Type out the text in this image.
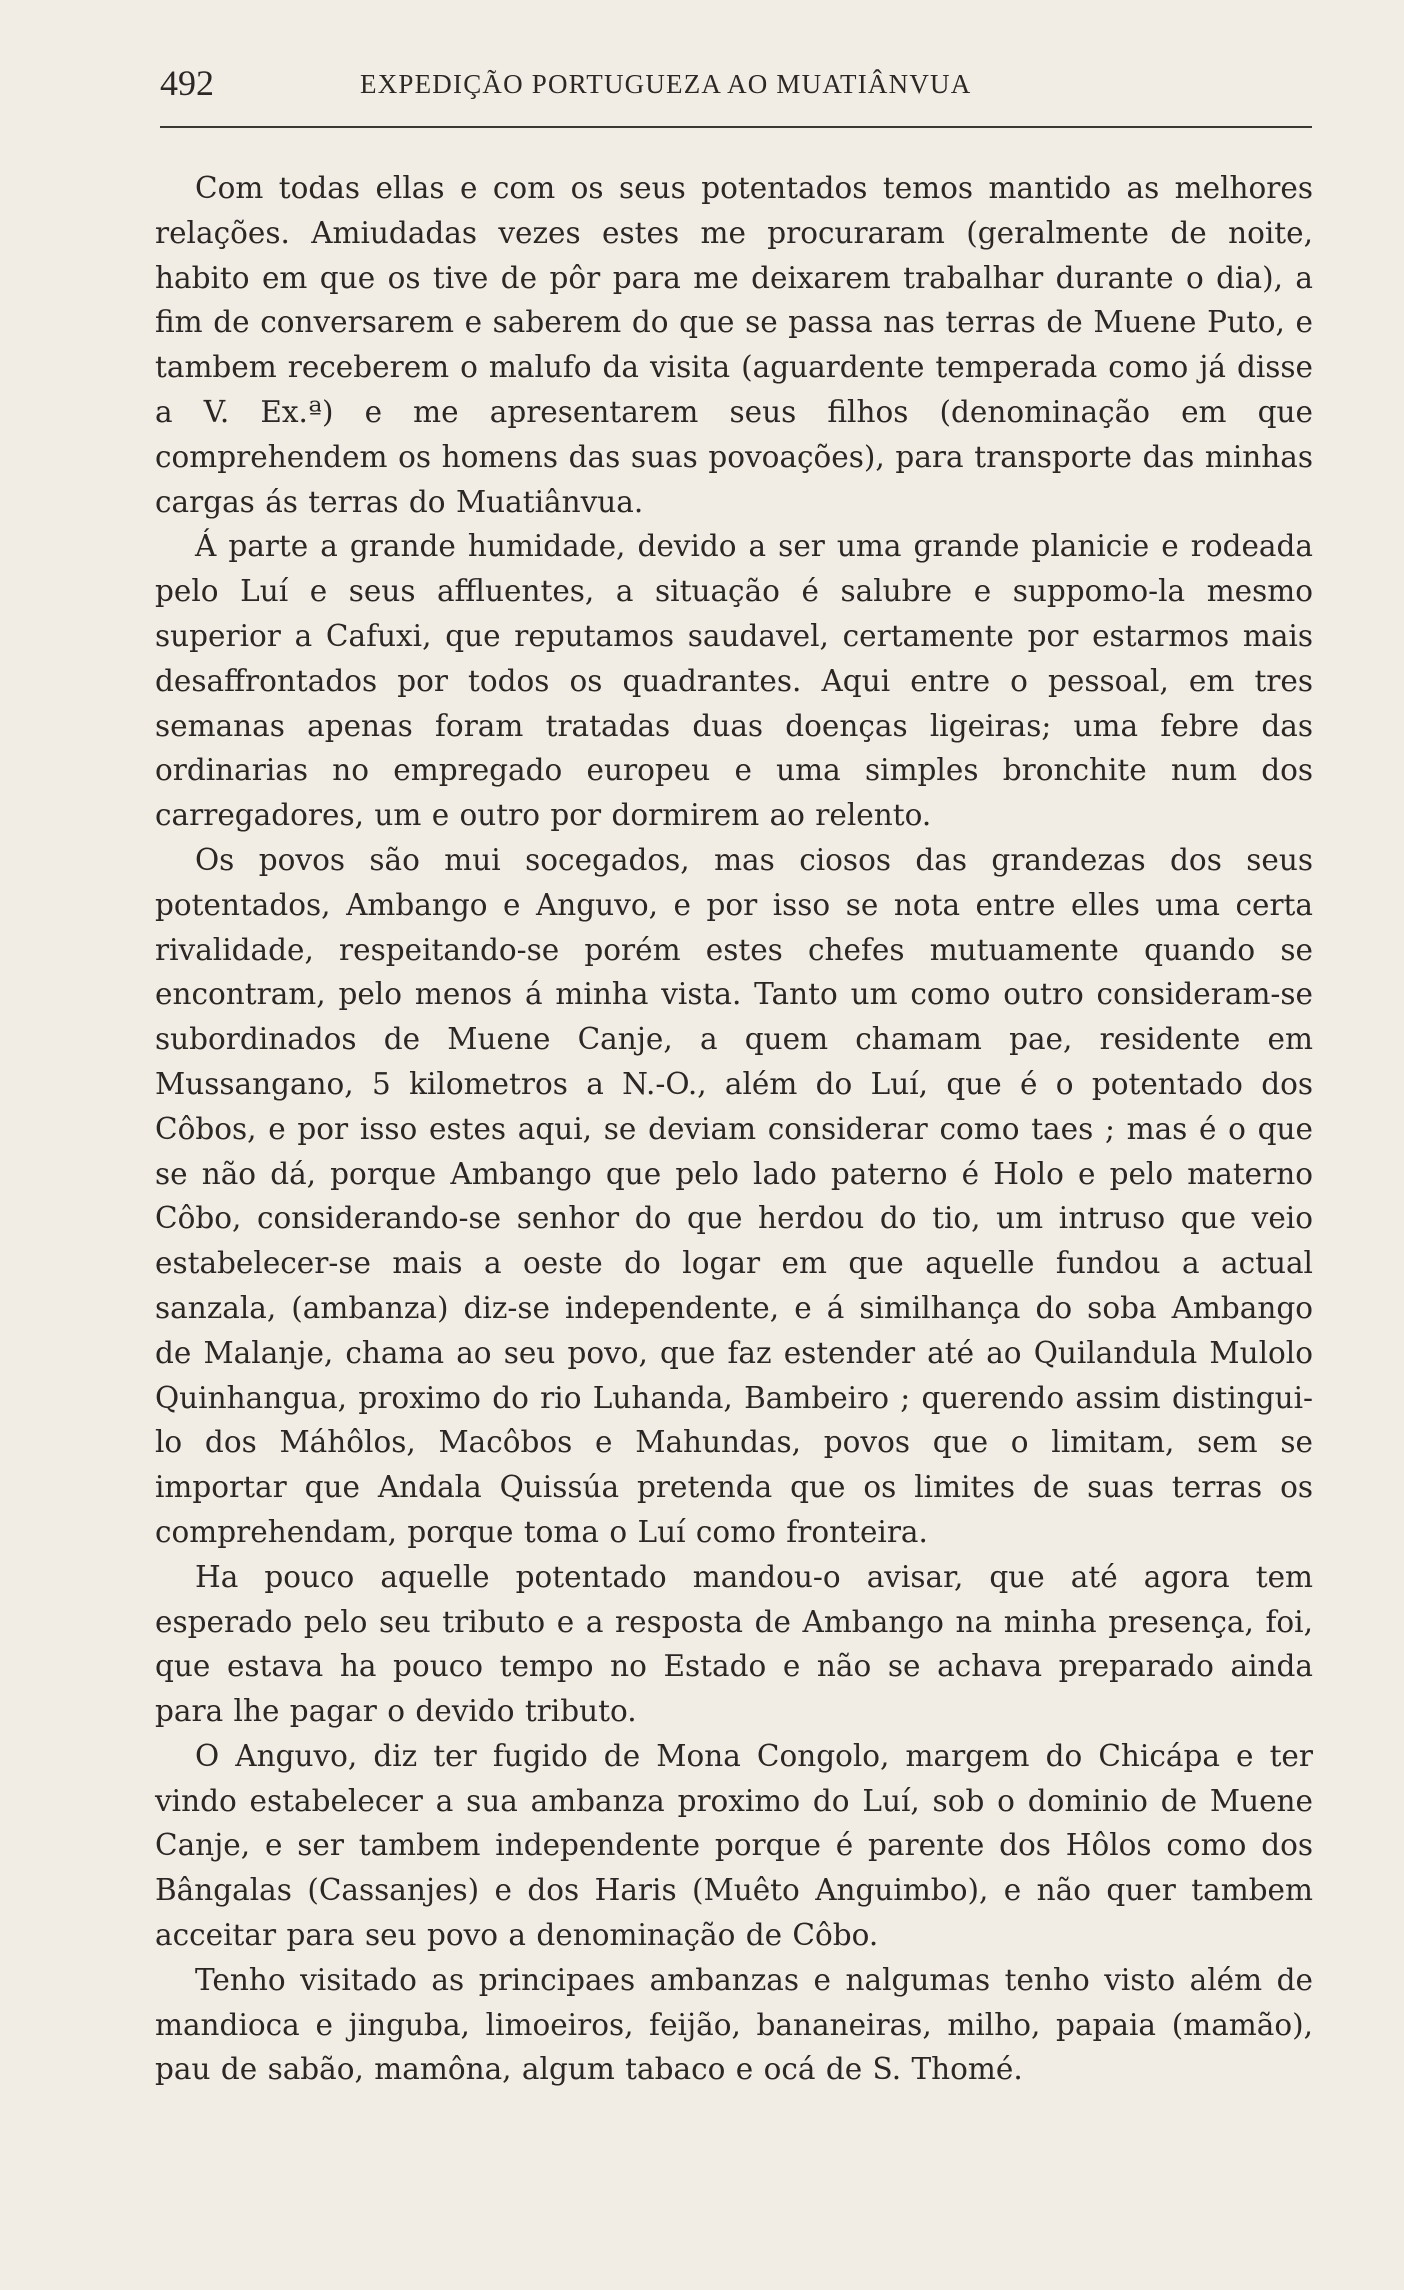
492	EXPEDIÇÃO PORTUGUEZA AO MUATIÂNVUA

Com todas ellas e com os seus potentados temos mantido as melhores relações. Amiudadas vezes estes me procuraram (geralmente de noite, habito em que os tive de pôr para me deixarem trabalhar durante o dia), a fim de conversarem e saberem do que se passa nas terras de Muene Puto, e tambem receberem o malufo da visita (aguardente temperada como já disse a V. Ex.ª) e me apresentarem seus filhos (denominação em que comprehendem os homens das suas povoações), para transporte das minhas cargas ás terras do Muatiânvua.

Á parte a grande humidade, devido a ser uma grande planicie e rodeada pelo Luí e seus affluentes, a situação é salubre e suppomo-la mesmo superior a Cafuxi, que reputamos saudavel, certamente por estarmos mais desaffrontados por todos os quadrantes. Aqui entre o pessoal, em tres semanas apenas foram tratadas duas doenças ligeiras; uma febre das ordinarias no empregado europeu e uma simples bronchite num dos carregadores, um e outro por dormirem ao relento.

Os povos são mui socegados, mas ciosos das grandezas dos seus potentados, Ambango e Anguvo, e por isso se nota entre elles uma certa rivalidade, respeitando-se porém estes chefes mutuamente quando se encontram, pelo menos á minha vista. Tanto um como outro consideram-se subordinados de Muene Canje, a quem chamam pae, residente em Mussangano, 5 kilometros a N.-O., além do Luí, que é o potentado dos Côbos, e por isso estes aqui, se deviam considerar como taes ; mas é o que se não dá, porque Ambango que pelo lado paterno é Holo e pelo materno Côbo, considerando-se senhor do que herdou do tio, um intruso que veio estabelecer-se mais a oeste do logar em que aquelle fundou a actual sanzala, (ambanza) diz-se independente, e á similhança do soba Ambango de Malanje, chama ao seu povo, que faz estender até ao Quilandula Mulolo Quinhangua, proximo do rio Luhanda, Bambeiro ; querendo assim distingui-lo dos Máhôlos, Macôbos e Mahundas, povos que o limitam, sem se importar que Andala Quissúa pretenda que os limites de suas terras os comprehendam, porque toma o Luí como fronteira.

Ha pouco aquelle potentado mandou-o avisar, que até agora tem esperado pelo seu tributo e a resposta de Ambango na minha presença, foi, que estava ha pouco tempo no Estado e não se achava preparado ainda para lhe pagar o devido tributo.

O Anguvo, diz ter fugido de Mona Congolo, margem do Chicápa e ter vindo estabelecer a sua ambanza proximo do Luí, sob o dominio de Muene Canje, e ser tambem independente porque é parente dos Hôlos como dos Bângalas (Cassanjes) e dos Haris (Muêto Anguimbo), e não quer tambem acceitar para seu povo a denominação de Côbo.

Tenho visitado as principaes ambanzas e nalgumas tenho visto além de mandioca e jinguba, limoeiros, feijão, bananeiras, milho, papaia (mamão), pau de sabão, mamôna, algum tabaco e ocá de S. Thomé.
